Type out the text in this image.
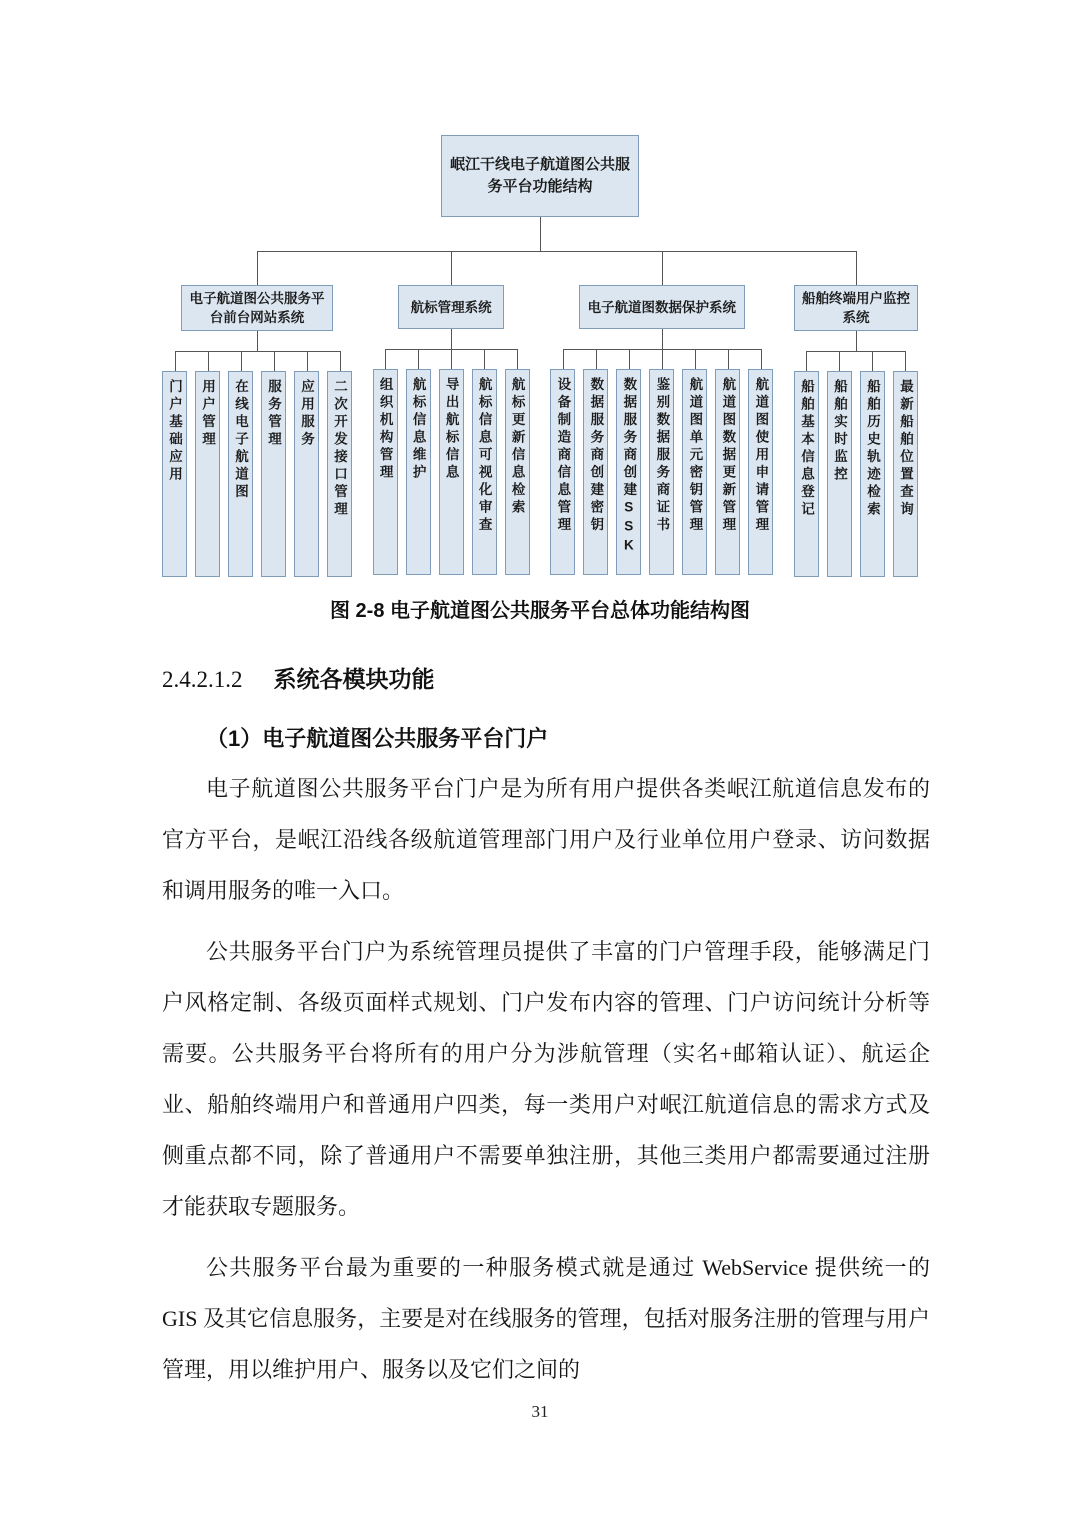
岷江干线电子航道图公共服务平台功能结构
电子航道图公共服务平台前台网站系统
门户基础应用	用户管理	在线电子航道图	服务管理	应用服务	二次开发接口管理
航标管理系统
组织机构管理	航标信息维护	导出航标信息	航标信息可视化审查	航标更新信息检索
电子航道图数据保护系统
设备制造商信息管理	数据服务商创建密钥	数据服务商创建SSK	鉴别数据服务商证书	航道图单元密钥管理	航道图数据更新管理	航道图使用申请管理
船舶终端用户监控系统
船舶基本信息登记	船舶实时监控	船舶历史轨迹检索	最新船舶位置查询
图 2-8 电子航道图公共服务平台总体功能结构图
2.4.2.1.2 系统各模块功能
（1）电子航道图公共服务平台门户

电子航道图公共服务平台门户是为所有用户提供各类岷江航道信息发布的官方平台，是岷江沿线各级航道管理部门用户及行业单位用户登录、访问数据和调用服务的唯一入口。

公共服务平台门户为系统管理员提供了丰富的门户管理手段，能够满足门户风格定制、各级页面样式规划、门户发布内容的管理、门户访问统计分析等需要。公共服务平台将所有的用户分为涉航管理（实名+邮箱认证）、航运企业、船舶终端用户和普通用户四类，每一类用户对岷江航道信息的需求方式及侧重点都不同，除了普通用户不需要单独注册，其他三类用户都需要通过注册才能获取专题服务。

公共服务平台最为重要的一种服务模式就是通过 WebService 提供统一的 GIS 及其它信息服务，主要是对在线服务的管理，包括对服务注册的管理与用户管理，用以维护用户、服务以及它们之间的

31
